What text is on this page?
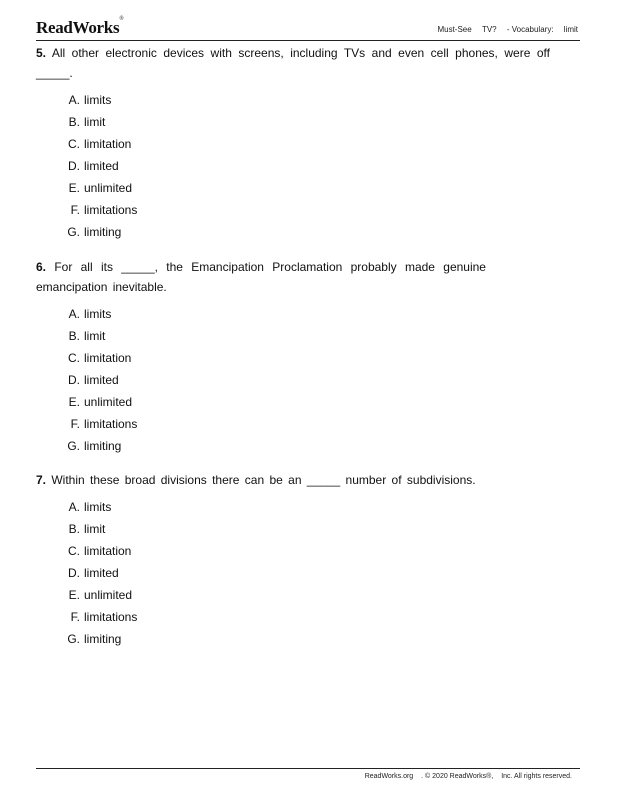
ReadWorks®
Must-See TV? - Vocabulary: limit

5. All other electronic devices with screens, including TVs and even cell phones, were off _____.

A. limits
B. limit
C. limitation
D. limited
E. unlimited
F. limitations
G. limiting

6. For all its _____, the Emancipation Proclamation probably made genuine emancipation inevitable.

A. limits
B. limit
C. limitation
D. limited
E. unlimited
F. limitations
G. limiting

7. Within these broad divisions there can be an _____ number of subdivisions.

A. limits
B. limit
C. limitation
D. limited
E. unlimited
F. limitations
G. limiting
ReadWorks.org . © 2020 ReadWorks®, Inc. All rights reserved.
